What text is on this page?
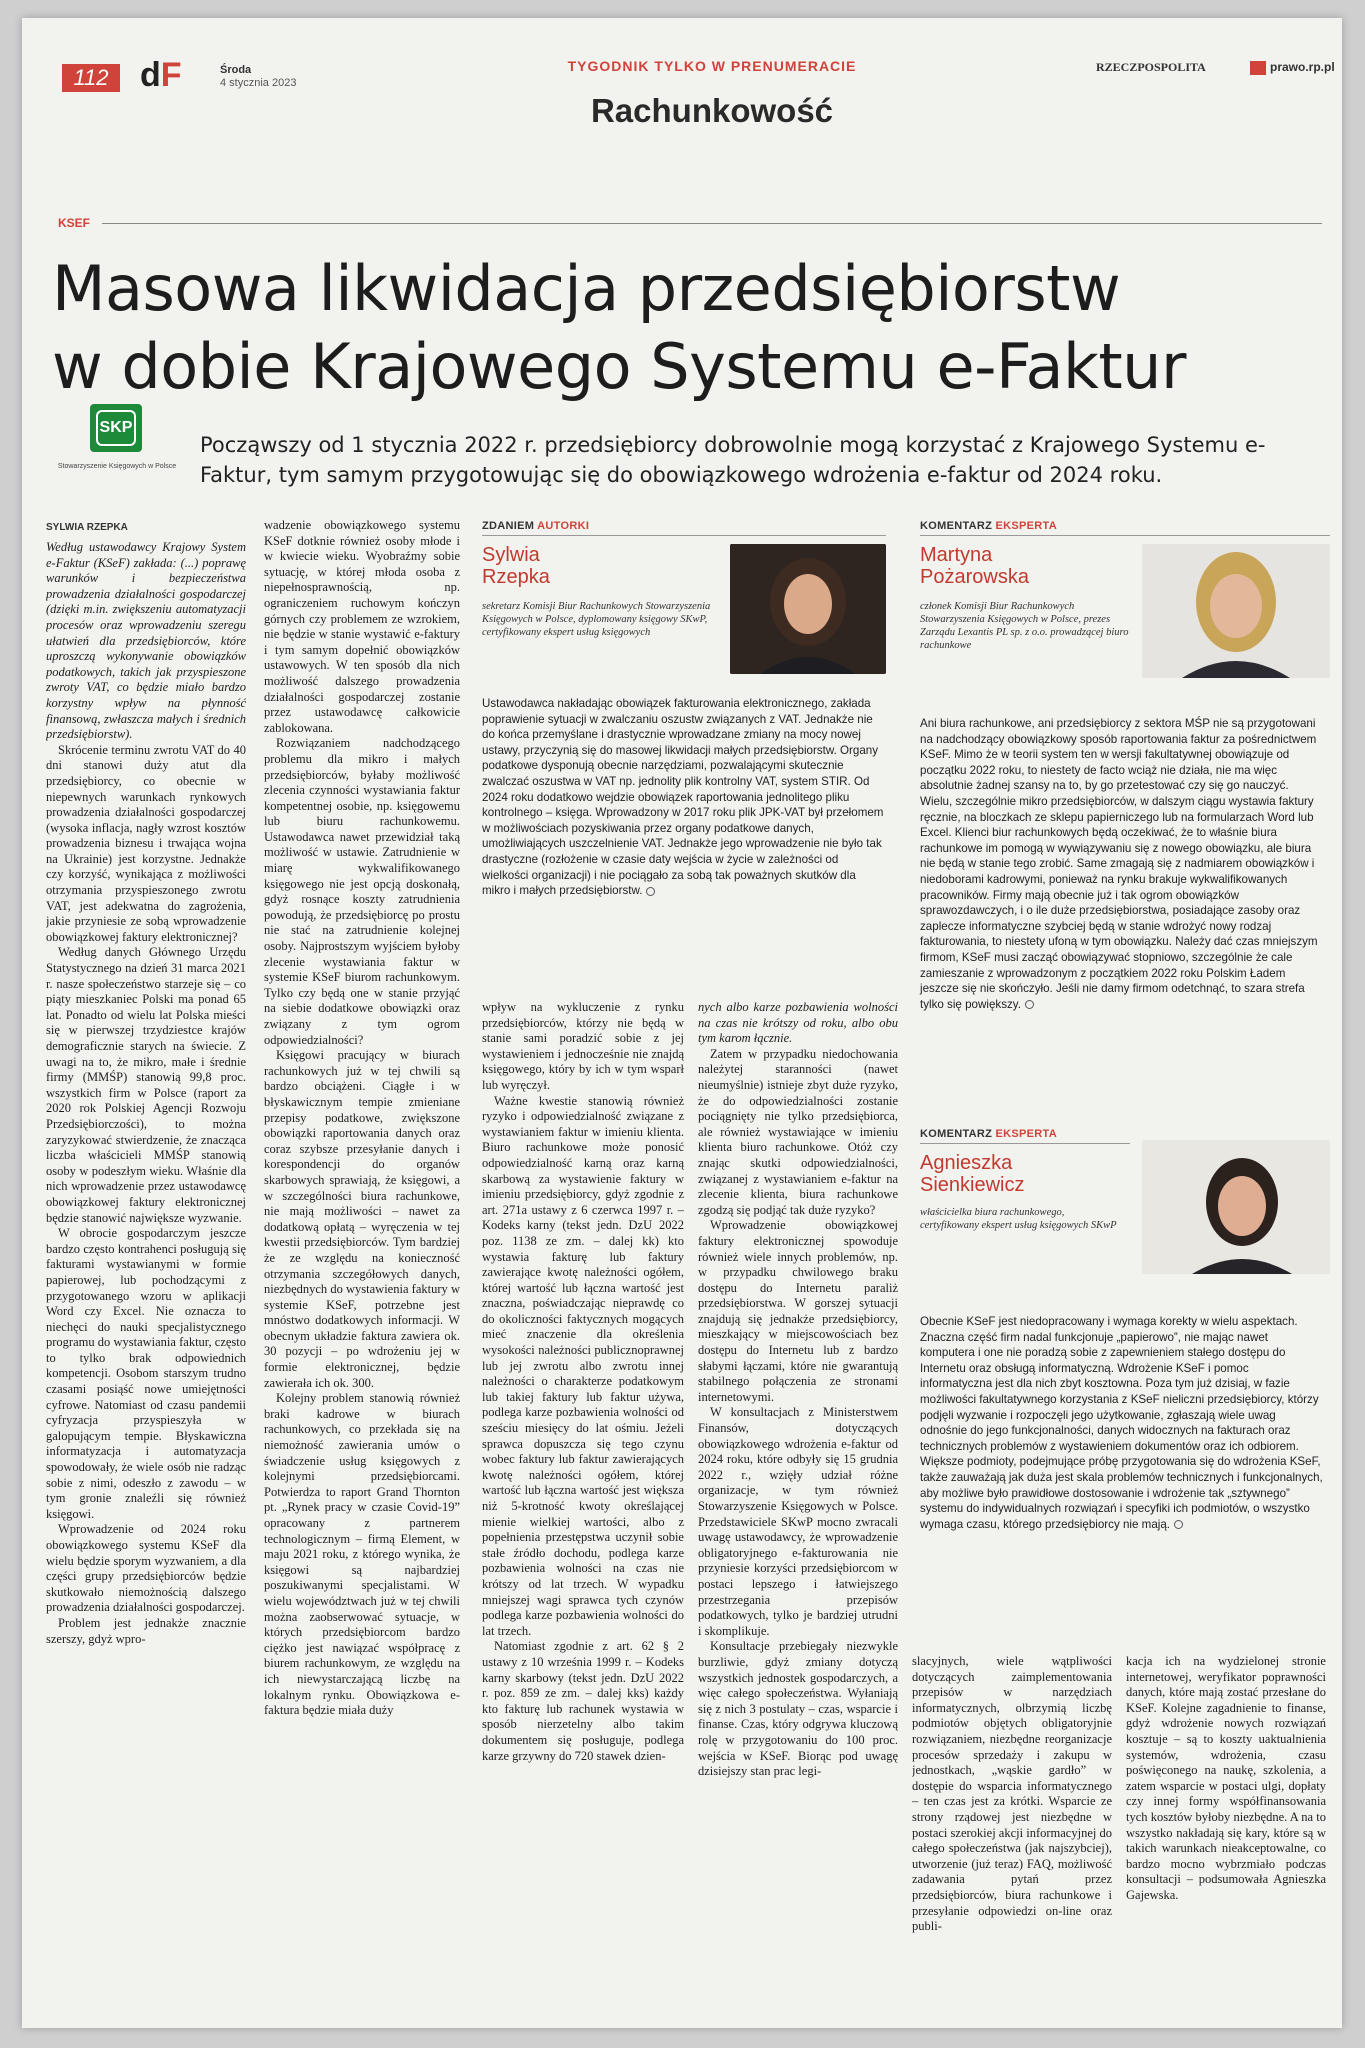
112 dF	Środa
4 stycznia 2023
TYGODNIK TYLKO W PRENUMERACIE
Rachunkowość
RZECZPOSPOLITA	prawo.rp.pl
KSEF
Masowa likwidacja przedsiębiorstw
w dobie Krajowego Systemu e-Faktur
SKP
Stowarzyszenie Księgowych w Polsce
Począwszy od 1 stycznia 2022 r. przedsiębiorcy dobrowolnie mogą korzystać z Krajowego Systemu e-Faktur, tym samym przygotowując się do obowiązkowego wdrożenia e-faktur od 2024 roku.
SYLWIA RZEPKA

Według ustawodawcy Krajowy System e-Faktur (KSeF) zakłada: (...) poprawę warunków i bezpieczeństwa prowadzenia działalności gospodarczej (dzięki m.in. zwiększeniu automatyzacji procesów oraz wprowadzeniu szeregu ułatwień dla przedsiębiorców, które uproszczą wykonywanie obowiązków podatkowych, takich jak przyspieszone zwroty VAT, co będzie miało bardzo korzystny wpływ na płynność finansową, zwłaszcza małych i średnich przedsiębiorstw).

Skrócenie terminu zwrotu VAT do 40 dni stanowi duży atut dla przedsiębiorcy, co obecnie w niepewnych warunkach rynkowych prowadzenia działalności gospodarczej (wysoka inflacja, nagły wzrost kosztów prowadzenia biznesu i trwająca wojna na Ukrainie) jest korzystne. Jednakże czy korzyść, wynikająca z możliwości otrzymania przyspieszonego zwrotu VAT, jest adekwatna do zagrożenia, jakie przyniesie ze sobą wprowadzenie obowiązkowej faktury elektronicznej?

Według danych Głównego Urzędu Statystycznego na dzień 31 marca 2021 r. nasze społeczeństwo starzeje się – co piąty mieszkaniec Polski ma ponad 65 lat. Ponadto od wielu lat Polska mieści się w pierwszej trzydziestce krajów demograficznie starych na świecie. Z uwagi na to, że mikro, małe i średnie firmy (MMŚP) stanowią 99,8 proc. wszystkich firm w Polsce (raport za 2020 rok Polskiej Agencji Rozwoju Przedsiębiorczości), to można zaryzykować stwierdzenie, że znacząca liczba właścicieli MMŚP stanowią osoby w podeszłym wieku. Właśnie dla nich wprowadzenie przez ustawodawcę obowiązkowej faktury elektronicznej będzie stanowić największe wyzwanie.

W obrocie gospodarczym jeszcze bardzo często kontrahenci posługują się fakturami wystawianymi w formie papierowej, lub pochodzącymi z przygotowanego wzoru w aplikacji Word czy Excel. Nie oznacza to niechęci do nauki specjalistycznego programu do wystawiania faktur, często to tylko brak odpowiednich kompetencji. Osobom starszym trudno czasami posiąść nowe umiejętności cyfrowe. Natomiast od czasu pandemii cyfryzacja przyspieszyła w galopującym tempie. Błyskawiczna informatyzacja i automatyzacja spowodowały, że wiele osób nie radząc sobie z nimi, odeszło z zawodu – w tym gronie znaleźli się również księgowi.

Wprowadzenie od 2024 roku obowiązkowego systemu KSeF dla wielu będzie sporym wyzwaniem, a dla części grupy przedsiębiorców będzie skutkowało niemożnością dalszego prowadzenia działalności gospodarczej.

Problem jest jednakże znacznie szerszy, gdyż wpro-

wadzenie obowiązkowego systemu KSeF dotknie również osoby młode i w kwiecie wieku. Wyobraźmy sobie sytuację, w której młoda osoba z niepełnosprawnością, np. ograniczeniem ruchowym kończyn górnych czy problemem ze wzrokiem, nie będzie w stanie wystawić e-faktury i tym samym dopełnić obowiązków ustawowych. W ten sposób dla nich możliwość dalszego prowadzenia działalności gospodarczej zostanie przez ustawodawcę całkowicie zablokowana.

Rozwiązaniem nadchodzącego problemu dla mikro i małych przedsiębiorców, byłaby możliwość zlecenia czynności wystawiania faktur kompetentnej osobie, np. księgowemu lub biuru rachunkowemu. Ustawodawca nawet przewidział taką możliwość w ustawie. Zatrudnienie w miarę wykwalifikowanego księgowego nie jest opcją doskonałą, gdyż rosnące koszty zatrudnienia powodują, że przedsiębiorcę po prostu nie stać na zatrudnienie kolejnej osoby. Najprostszym wyjściem byłoby zlecenie wystawiania faktur w systemie KSeF biurom rachunkowym. Tylko czy będą one w stanie przyjąć na siebie dodatkowe obowiązki oraz związany z tym ogrom odpowiedzialności?

Księgowi pracujący w biurach rachunkowych już w tej chwili są bardzo obciążeni. Ciągłe i w błyskawicznym tempie zmieniane przepisy podatkowe, zwiększone obowiązki raportowania danych oraz coraz szybsze przesyłanie danych i korespondencji do organów skarbowych sprawiają, że księgowi, a w szczególności biura rachunkowe, nie mają możliwości – nawet za dodatkową opłatą – wyręczenia w tej kwestii przedsiębiorców. Tym bardziej że ze względu na konieczność otrzymania szczegółowych danych, niezbędnych do wystawienia faktury w systemie KSeF, potrzebne jest mnóstwo dodatkowych informacji. W obecnym układzie faktura zawiera ok. 30 pozycji – po wdrożeniu jej w formie elektronicznej, będzie zawierała ich ok. 300.

Kolejny problem stanowią również braki kadrowe w biurach rachunkowych, co przekłada się na niemożność zawierania umów o świadczenie usług księgowych z kolejnymi przedsiębiorcami. Potwierdza to raport Grand Thornton pt. „Rynek pracy w czasie Covid-19” opracowany z partnerem technologicznym – firmą Element, w maju 2021 roku, z którego wynika, że księgowi są najbardziej poszukiwanymi specjalistami. W wielu województwach już w tej chwili można zaobserwować sytuacje, w których przedsiębiorcom bardzo ciężko jest nawiązać współpracę z biurem rachunkowym, ze względu na ich niewystarczającą liczbę na lokalnym rynku. Obowiązkowa e-faktura będzie miała duży

ZDANIEM AUTORKI
Sylwia
Rzepka
sekretarz Komisji Biur Rachunkowych Stowarzyszenia Księgowych w Polsce, dyplomowany księgowy SKwP, certyfikowany ekspert usług księgowych
Ustawodawca nakładając obowiązek fakturowania elektronicznego, zakłada poprawienie sytuacji w zwalczaniu oszustw związanych z VAT. Jednakże nie do końca przemyślane i drastycznie wprowadzane zmiany na mocy nowej ustawy, przyczynią się do masowej likwidacji małych przedsiębiorstw. Organy podatkowe dysponują obecnie narzędziami, pozwalającymi skutecznie zwalczać oszustwa w VAT np. jednolity plik kontrolny VAT, system STIR. Od 2024 roku dodatkowo wejdzie obowiązek raportowania jednolitego pliku kontrolnego – księga. Wprowadzony w 2017 roku plik JPK-VAT był przełomem w możliwościach pozyskiwania przez organy podatkowe danych, umożliwiających uszczelnienie VAT. Jednakże jego wprowadzenie nie było tak drastyczne (rozłożenie w czasie daty wejścia w życie w zależności od wielkości organizacji) i nie pociągało za sobą tak poważnych skutków dla mikro i małych przedsiębiorstw.
KOMENTARZ EKSPERTA
Martyna
Pożarowska
członek Komisji Biur Rachunkowych Stowarzyszenia Księgowych w Polsce, prezes Zarządu Lexantis PL sp. z o.o. prowadzącej biuro rachunkowe
Ani biura rachunkowe, ani przedsiębiorcy z sektora MŚP nie są przygotowani na nadchodzący obowiązkowy sposób raportowania faktur za pośrednictwem KSeF. Mimo że w teorii system ten w wersji fakultatywnej obowiązuje od początku 2022 roku, to niestety de facto wciąż nie działa, nie ma więc absolutnie żadnej szansy na to, by go przetestować czy się go nauczyć. Wielu, szczególnie mikro przedsiębiorców, w dalszym ciągu wystawia faktury ręcznie, na bloczkach ze sklepu papierniczego lub na formularzach Word lub Excel. Klienci biur rachunkowych będą oczekiwać, że to właśnie biura rachunkowe im pomogą w wywiązywaniu się z nowego obowiązku, ale biura nie będą w stanie tego zrobić. Same zmagają się z nadmiarem obowiązków i niedoborami kadrowymi, ponieważ na rynku brakuje wykwalifikowanych pracowników. Firmy mają obecnie już i tak ogrom obowiązków sprawozdawczych, i o ile duże przedsiębiorstwa, posiadające zasoby oraz zaplecze informatyczne szybciej będą w stanie wdrożyć nowy rodzaj fakturowania, to niestety ufoną w tym obowiązku. Należy dać czas mniejszym firmom, KSeF musi zacząć obowiązywać stopniowo, szczególnie że cale zamieszanie z wprowadzonym z początkiem 2022 roku Polskim Ładem jeszcze się nie skończyło. Jeśli nie damy firmom odetchnąć, to szara strefa tylko się powiększy.
KOMENTARZ EKSPERTA
Agnieszka
Sienkiewicz
właścicielka biura rachunkowego, certyfikowany ekspert usług księgowych SKwP
Obecnie KSeF jest niedopracowany i wymaga korekty w wielu aspektach. Znaczna część firm nadal funkcjonuje „papierowo”, nie mając nawet komputera i one nie poradzą sobie z zapewnieniem stałego dostępu do Internetu oraz obsługą informatyczną. Wdrożenie KSeF i pomoc informatyczna jest dla nich zbyt kosztowna. Poza tym już dzisiaj, w fazie możliwości fakultatywnego korzystania z KSeF nieliczni przedsiębiorcy, którzy podjęli wyzwanie i rozpoczęli jego użytkowanie, zgłaszają wiele uwag odnośnie do jego funkcjonalności, danych widocznych na fakturach oraz technicznych problemów z wystawieniem dokumentów oraz ich odbiorem. Większe podmioty, podejmujące próbę przygotowania się do wdrożenia KSeF, także zauważają jak duża jest skala problemów technicznych i funkcjonalnych, aby możliwe było prawidłowe dostosowanie i wdrożenie tak „sztywnego” systemu do indywidualnych rozwiązań i specyfiki ich podmiotów, o wszystko wymaga czasu, którego przedsiębiorcy nie mają.

wpływ na wykluczenie z rynku przedsiębiorców, którzy nie będą w stanie sami poradzić sobie z jej wystawieniem i jednocześnie nie znajdą księgowego, który by ich w tym wsparł lub wyręczył.

Ważne kwestie stanowią również ryzyko i odpowiedzialność związane z wystawianiem faktur w imieniu klienta. Biuro rachunkowe może ponosić odpowiedzialność karną oraz karną skarbową za wystawienie faktury w imieniu przedsiębiorcy, gdyż zgodnie z art. 271a ustawy z 6 czerwca 1997 r. – Kodeks karny (tekst jedn. DzU 2022 poz. 1138 ze zm. – dalej kk) kto wystawia fakturę lub faktury zawierające kwotę należności ogółem, której wartość lub łączna wartość jest znaczna, poświadczając nieprawdę co do okoliczności faktycznych mogących mieć znaczenie dla określenia wysokości należności publicznoprawnej lub jej zwrotu albo zwrotu innej należności o charakterze podatkowym lub takiej faktury lub faktur używa, podlega karze pozbawienia wolności od sześciu miesięcy do lat ośmiu. Jeżeli sprawca dopuszcza się tego czynu wobec faktury lub faktur zawierających kwotę należności ogółem, której wartość lub łączna wartość jest większa niż 5-krotność kwoty określającej mienie wielkiej wartości, albo z popełnienia przestępstwa uczynił sobie stałe źródło dochodu, podlega karze pozbawienia wolności na czas nie krótszy od lat trzech. W wypadku mniejszej wagi sprawca tych czynów podlega karze pozbawienia wolności do lat trzech.

Natomiast zgodnie z art. 62 § 2 ustawy z 10 września 1999 r. – Kodeks karny skarbowy (tekst jedn. DzU 2022 r. poz. 859 ze zm. – dalej kks) każdy kto fakturę lub rachunek wystawia w sposób nierzetelny albo takim dokumentem się posługuje, podlega karze grzywny do 720 stawek dzien-

nych albo karze pozbawienia wolności na czas nie krótszy od roku, albo obu tym karom łącznie.

Zatem w przypadku niedochowania należytej staranności (nawet nieumyślnie) istnieje zbyt duże ryzyko, że do odpowiedzialności zostanie pociągnięty nie tylko przedsiębiorca, ale również wystawiające w imieniu klienta biuro rachunkowe. Otóż czy znając skutki odpowiedzialności, związanej z wystawianiem e-faktur na zlecenie klienta, biura rachunkowe zgodzą się podjąć tak duże ryzyko?

Wprowadzenie obowiązkowej faktury elektronicznej spowoduje również wiele innych problemów, np. w przypadku chwilowego braku dostępu do Internetu paraliż przedsiębiorstwa. W gorszej sytuacji znajdują się jednakże przedsiębiorcy, mieszkający w miejscowościach bez dostępu do Internetu lub z bardzo słabymi łączami, które nie gwarantują stabilnego połączenia ze stronami internetowymi.

W konsultacjach z Ministerstwem Finansów, dotyczących obowiązkowego wdrożenia e-faktur od 2024 roku, które odbyły się 15 grudnia 2022 r., wzięły udział różne organizacje, w tym również Stowarzyszenie Księgowych w Polsce. Przedstawiciele SKwP mocno zwracali uwagę ustawodawcy, że wprowadzenie obligatoryjnego e-fakturowania nie przyniesie korzyści przedsiębiorcom w postaci lepszego i łatwiejszego przestrzegania przepisów podatkowych, tylko je bardziej utrudni i skomplikuje.

Konsultacje przebiegały niezwykle burzliwie, gdyż zmiany dotyczą wszystkich jednostek gospodarczych, a więc całego społeczeństwa. Wyłaniają się z nich 3 postulaty – czas, wsparcie i finanse. Czas, który odgrywa kluczową rolę w przygotowaniu do 100 proc. wejścia w KSeF. Biorąc pod uwagę dzisiejszy stan prac legi-

slacyjnych, wiele wątpliwości dotyczących zaimplementowania przepisów w narzędziach informatycznych, olbrzymią liczbę podmiotów objętych obligatoryjnie rozwiązaniem, niezbędne reorganizacje procesów sprzedaży i zakupu w jednostkach, „wąskie gardło” w dostępie do wsparcia informatycznego – ten czas jest za krótki. Wsparcie ze strony rządowej jest niezbędne w postaci szerokiej akcji informacyjnej do całego społeczeństwa (jak najszybciej), utworzenie (już teraz) FAQ, możliwość zadawania pytań przez przedsiębiorców, biura rachunkowe i przesyłanie odpowiedzi on-line oraz publi-

kacja ich na wydzielonej stronie internetowej, weryfikator poprawności danych, które mają zostać przesłane do KSeF. Kolejne zagadnienie to finanse, gdyż wdrożenie nowych rozwiązań kosztuje – są to koszty uaktualnienia systemów, wdrożenia, czasu poświęconego na naukę, szkolenia, a zatem wsparcie w postaci ulgi, dopłaty czy innej formy współfinansowania tych kosztów byłoby niezbędne. A na to wszystko nakładają się kary, które są w takich warunkach nieakceptowalne, co bardzo mocno wybrzmiało podczas konsultacji – podsumowała Agnieszka Gajewska.
